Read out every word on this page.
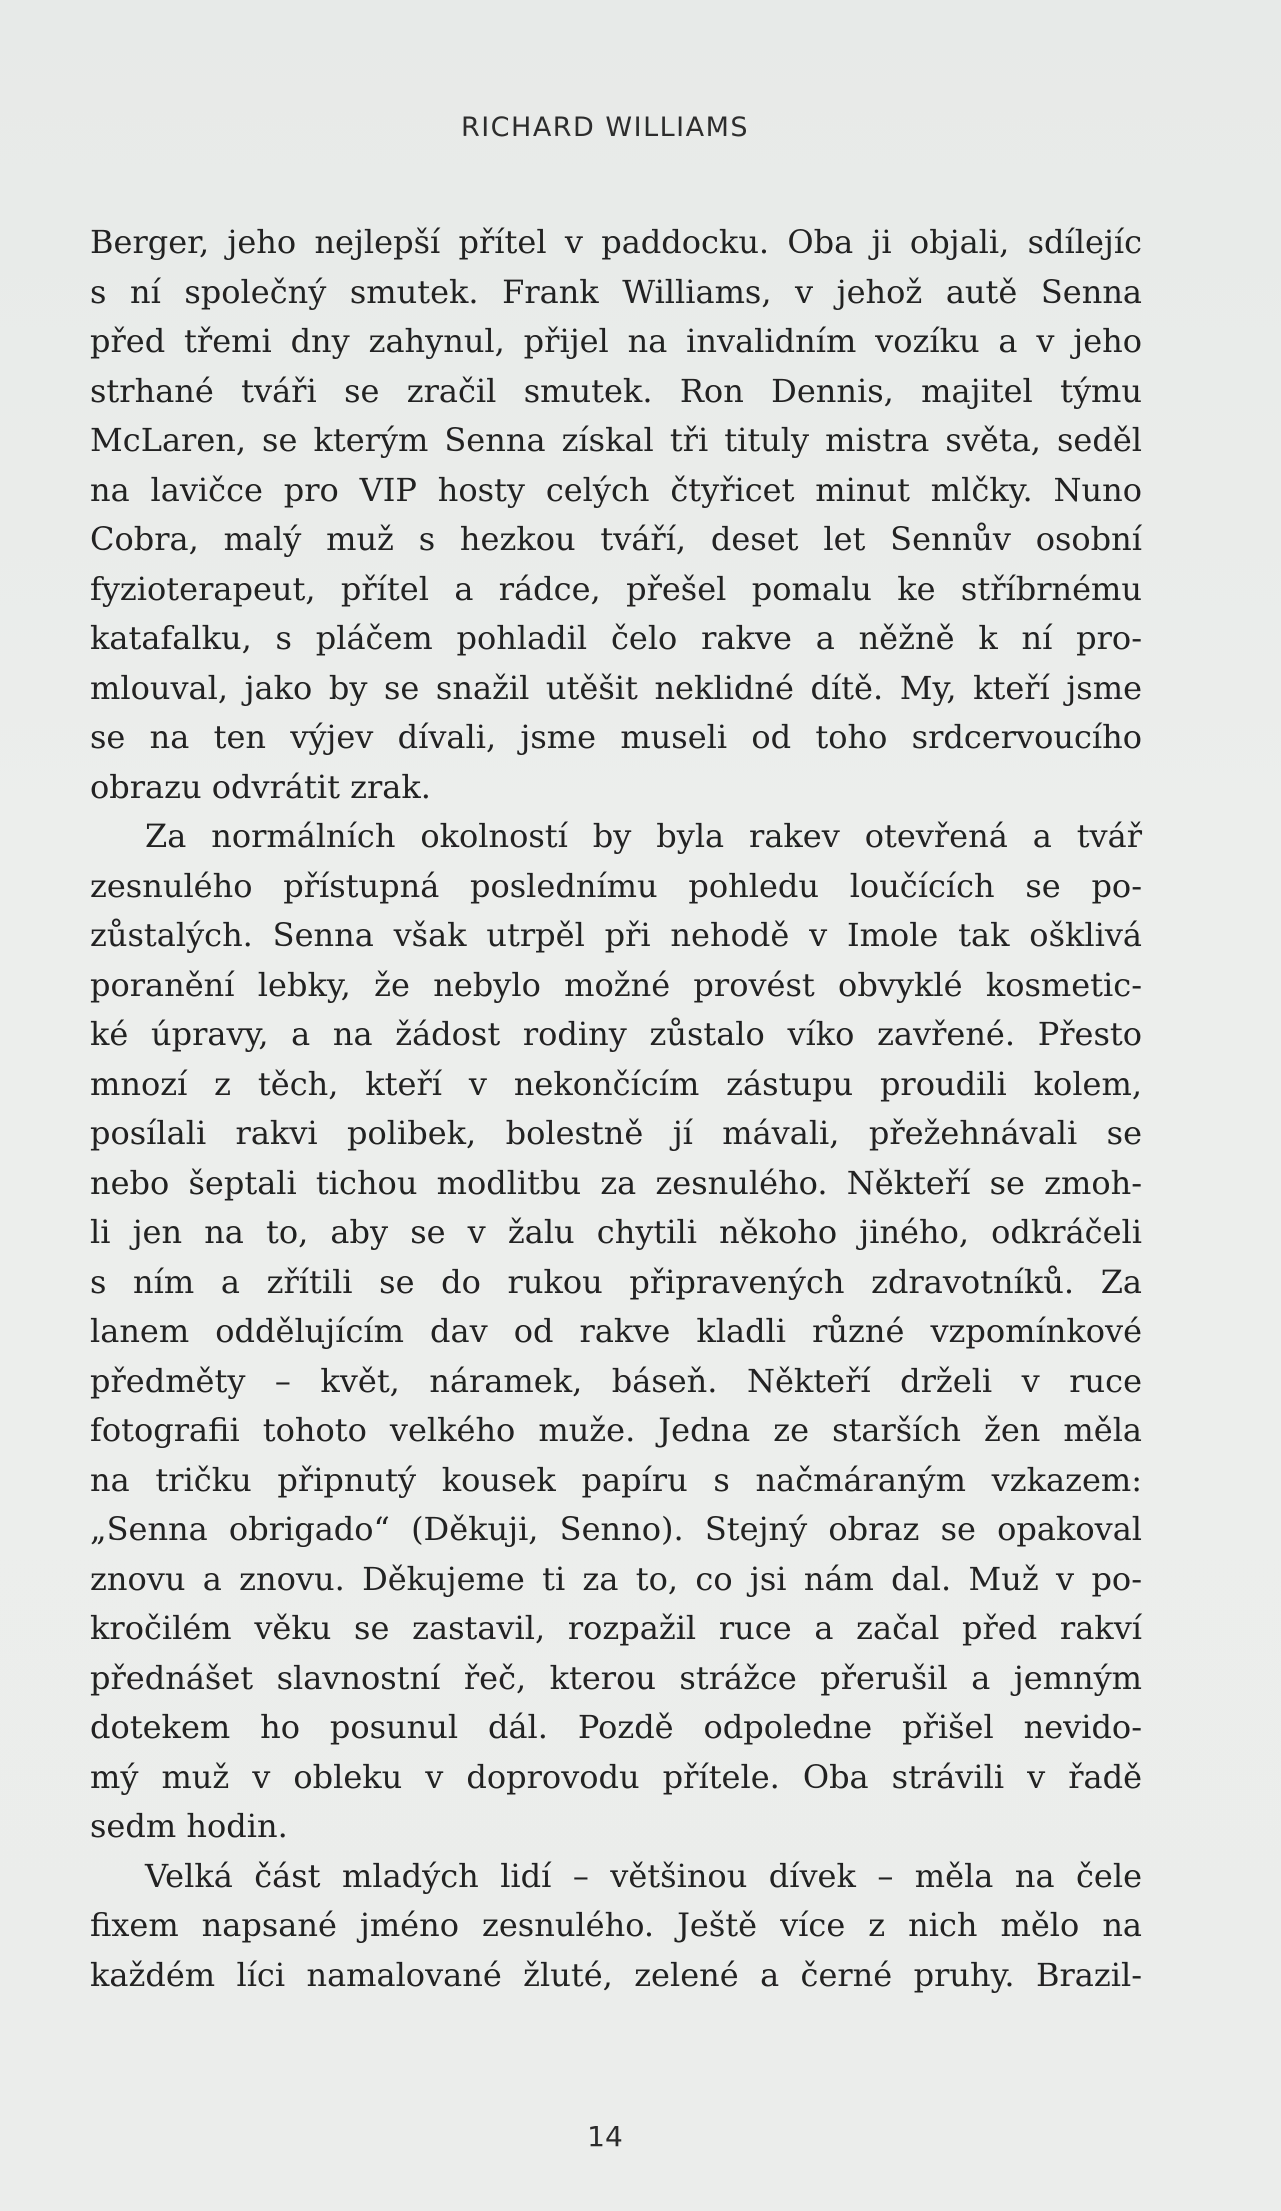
RICHARD WILLIAMS
Berger, jeho nejlepší přítel v paddocku. Oba ji objali, sdílejíc
s ní společný smutek. Frank Williams, v jehož autě Senna
před třemi dny zahynul, přijel na invalidním vozíku a v jeho
strhané tváři se zračil smutek. Ron Dennis, majitel týmu
McLaren, se kterým Senna získal tři tituly mistra světa, seděl
na lavičce pro VIP hosty celých čtyřicet minut mlčky. Nuno
Cobra, malý muž s hezkou tváří, deset let Sennův osobní
fyzioterapeut, přítel a rádce, přešel pomalu ke stříbrnému
katafalku, s pláčem pohladil čelo rakve a něžně k ní pro-
mlouval, jako by se snažil utěšit neklidné dítě. My, kteří jsme
se na ten výjev dívali, jsme museli od toho srdcervoucího
obrazu odvrátit zrak.
Za normálních okolností by byla rakev otevřená a tvář
zesnulého přístupná poslednímu pohledu loučících se po-
zůstalých. Senna však utrpěl při nehodě v Imole tak ošklivá
poranění lebky, že nebylo možné provést obvyklé kosmetic-
ké úpravy, a na žádost rodiny zůstalo víko zavřené. Přesto
mnozí z těch, kteří v nekončícím zástupu proudili kolem,
posílali rakvi polibek, bolestně jí mávali, přežehnávali se
nebo šeptali tichou modlitbu za zesnulého. Někteří se zmoh-
li jen na to, aby se v žalu chytili někoho jiného, odkráčeli
s ním a zřítili se do rukou připravených zdravotníků. Za
lanem oddělujícím dav od rakve kladli různé vzpomínkové
předměty – květ, náramek, báseň. Někteří drželi v ruce
fotografii tohoto velkého muže. Jedna ze starších žen měla
na tričku připnutý kousek papíru s načmáraným vzkazem:
„Senna obrigado“ (Děkuji, Senno). Stejný obraz se opakoval
znovu a znovu. Děkujeme ti za to, co jsi nám dal. Muž v po-
kročilém věku se zastavil, rozpažil ruce a začal před rakví
přednášet slavnostní řeč, kterou strážce přerušil a jemným
dotekem ho posunul dál. Pozdě odpoledne přišel nevido-
mý muž v obleku v doprovodu přítele. Oba strávili v řadě
sedm hodin.
Velká část mladých lidí – většinou dívek – měla na čele
fixem napsané jméno zesnulého. Ještě více z nich mělo na
každém líci namalované žluté, zelené a černé pruhy. Brazil-
14
